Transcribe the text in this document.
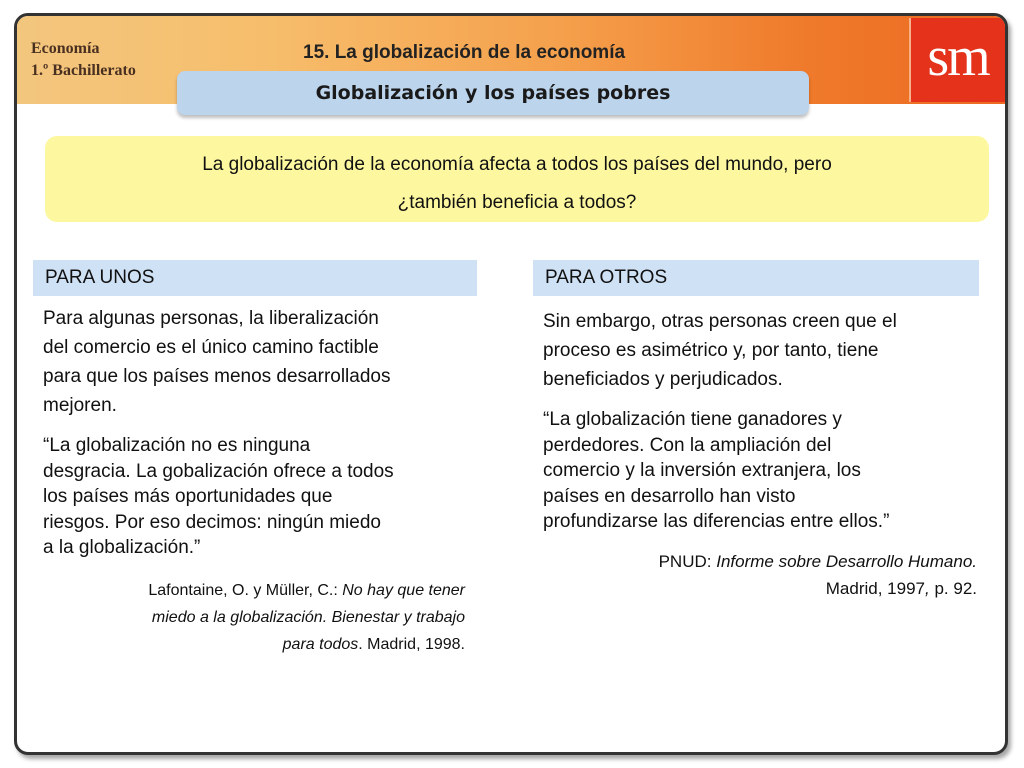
Economía
1.º Bachillerato
15. La globalización de la economía
Globalización y los países pobres
sm
La globalización de la economía afecta a todos los países del mundo, pero
¿también beneficia a todos?
PARA UNOS
Para algunas personas, la liberalización
del comercio es el único camino factible
para que los países menos desarrollados
mejoren.
“La globalización no es ninguna
desgracia. La gobalización ofrece a todos
los países más oportunidades que
riesgos. Por eso decimos: ningún miedo
a la globalización.”
Lafontaine, O. y Müller, C.: No hay que tener
miedo a la globalización. Bienestar y trabajo
para todos. Madrid, 1998.
PARA OTROS
Sin embargo, otras personas creen que el
proceso es asimétrico y, por tanto, tiene
beneficiados y perjudicados.
“La globalización tiene ganadores y
perdedores. Con la ampliación del
comercio y la inversión extranjera, los
países en desarrollo han visto
profundizarse las diferencias entre ellos.”
PNUD: Informe sobre Desarrollo Humano.
Madrid, 1997, p. 92.
